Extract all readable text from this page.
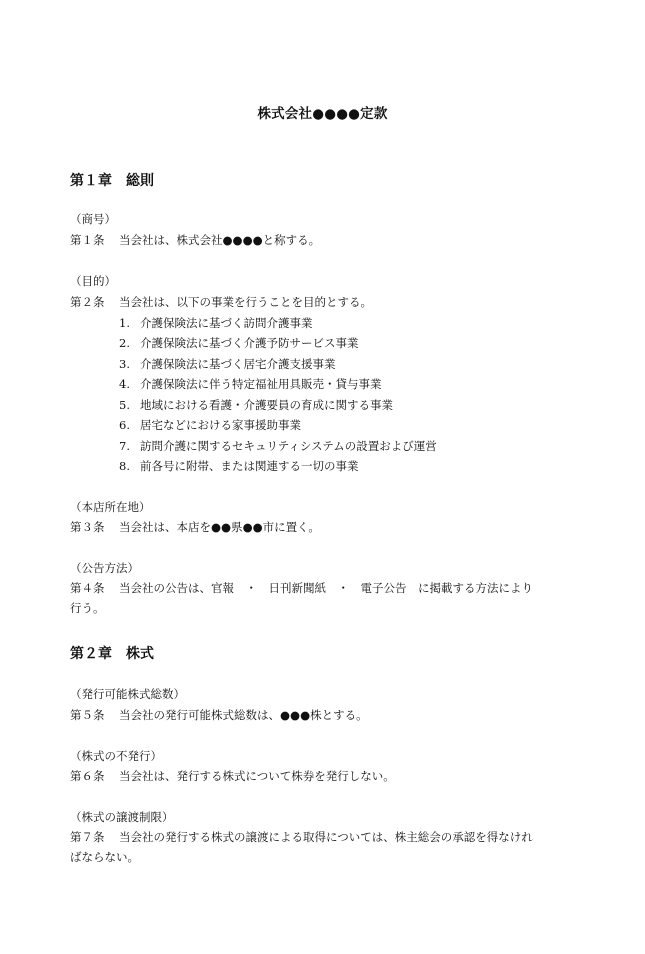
株式会社●●●●定款
第１章　総則
（商号）
第１条 当会社は、株式会社●●●●と称する。
（目的）
第２条 当会社は、以下の事業を行うことを目的とする。
1. 介護保険法に基づく訪問介護事業
2. 介護保険法に基づく介護予防サービス事業
3. 介護保険法に基づく居宅介護支援事業
4. 介護保険法に伴う特定福祉用具販売・貸与事業
5. 地域における看護・介護要員の育成に関する事業
6. 居宅などにおける家事援助事業
7. 訪問介護に関するセキュリティシステムの設置および運営
8. 前各号に附帯、または関連する一切の事業
（本店所在地）
第３条 当会社は、本店を●●県●●市に置く。
（公告方法）
第４条 当会社の公告は、官報　・　日刊新聞紙　・　電子公告　に掲載する方法により
行う。
第２章　株式
（発行可能株式総数）
第５条 当会社の発行可能株式総数は、●●●株とする。
（株式の不発行）
第６条 当会社は、発行する株式について株券を発行しない。
（株式の譲渡制限）
第７条 当会社の発行する株式の譲渡による取得については、株主総会の承認を得なけれ
ばならない。
